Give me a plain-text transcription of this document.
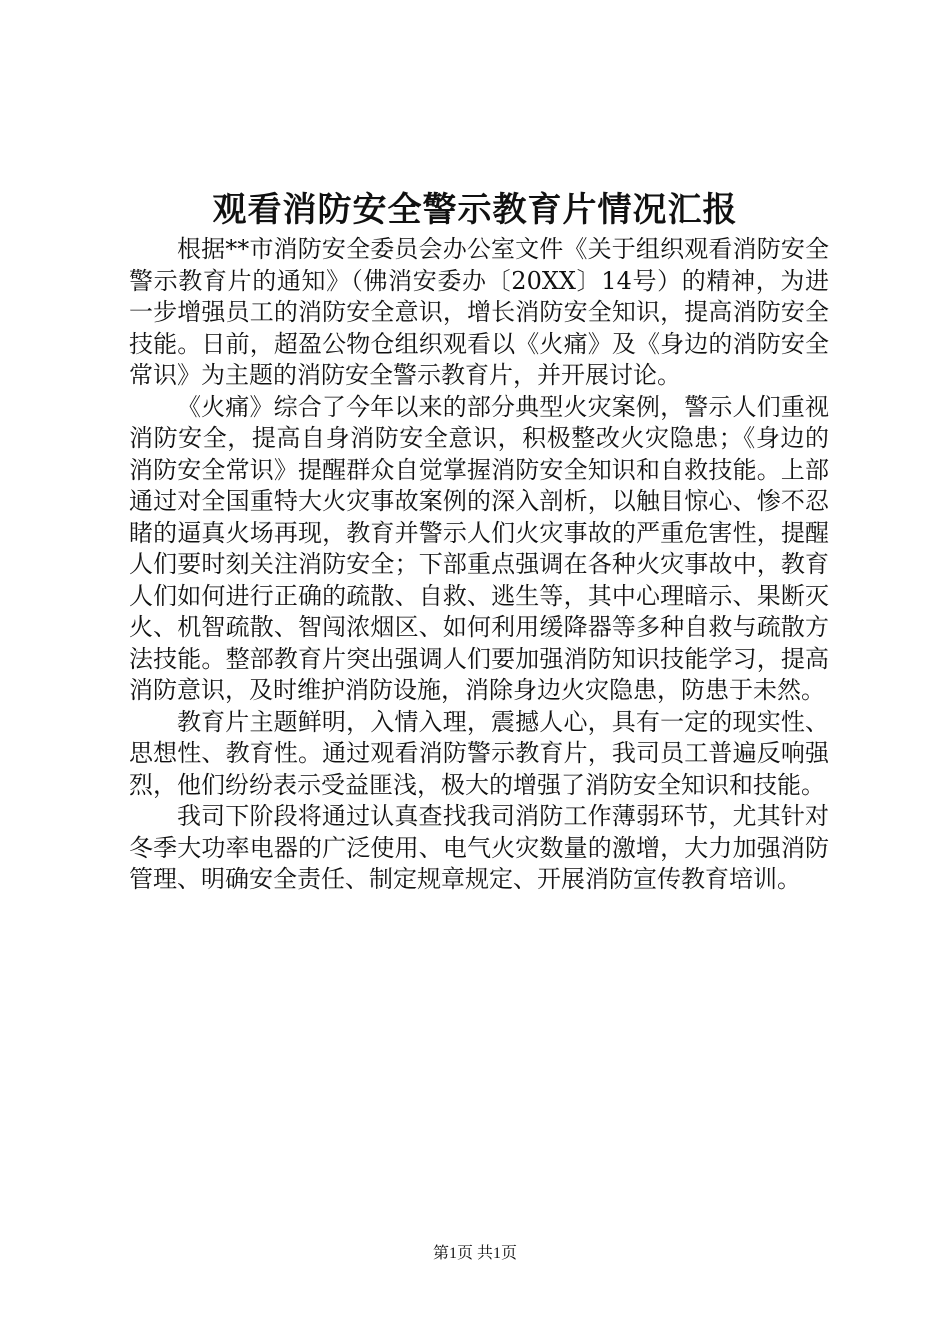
观看消防安全警示教育片情况汇报

根据**市消防安全委员会办公室文件《关于组织观看消防安全警示教育片的通知》（佛消安委办〔20XX〕14号）的精神，为进一步增强员工的消防安全意识，增长消防安全知识，提高消防安全技能。日前，超盈公物仓组织观看以《火痛》及《身边的消防安全常识》为主题的消防安全警示教育片，并开展讨论。

《火痛》综合了今年以来的部分典型火灾案例，警示人们重视消防安全，提高自身消防安全意识，积极整改火灾隐患；《身边的消防安全常识》提醒群众自觉掌握消防安全知识和自救技能。上部通过对全国重特大火灾事故案例的深入剖析，以触目惊心、惨不忍睹的逼真火场再现，教育并警示人们火灾事故的严重危害性，提醒人们要时刻关注消防安全；下部重点强调在各种火灾事故中，教育人们如何进行正确的疏散、自救、逃生等，其中心理暗示、果断灭火、机智疏散、智闯浓烟区、如何利用缓降器等多种自救与疏散方法技能。整部教育片突出强调人们要加强消防知识技能学习，提高消防意识，及时维护消防设施，消除身边火灾隐患，防患于未然。

教育片主题鲜明，入情入理，震撼人心，具有一定的现实性、思想性、教育性。通过观看消防警示教育片，我司员工普遍反响强烈，他们纷纷表示受益匪浅，极大的增强了消防安全知识和技能。

我司下阶段将通过认真查找我司消防工作薄弱环节，尤其针对冬季大功率电器的广泛使用、电气火灾数量的激增，大力加强消防管理、明确安全责任、制定规章规定、开展消防宣传教育培训。

第1页 共1页
